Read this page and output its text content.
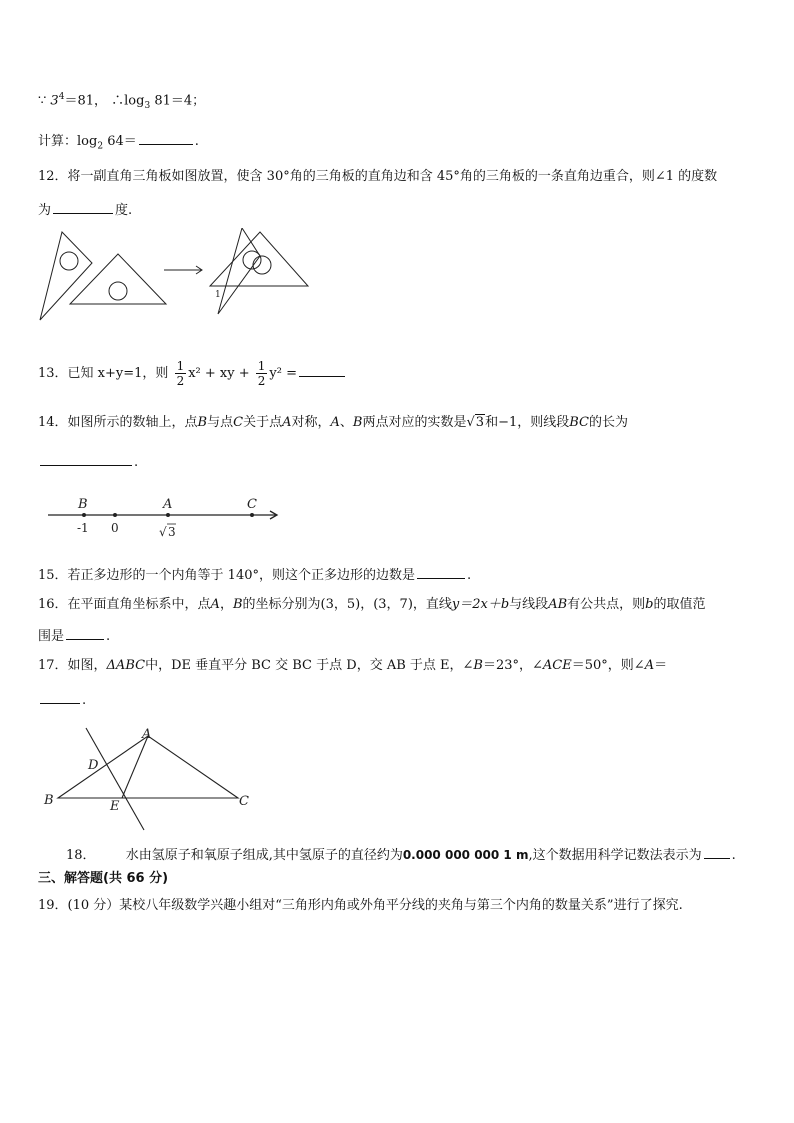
∵ $3^4=81$， $\therefore\log_3$ 81＝4；
计算：$\log_2 64=$	.
12．将一副直角三角板如图放置，使含 30°角的三角板的直角边和含 45°角的三角板的一条直角边重合，则∠1 的度数
为	度.
1
13．已知 x+y=1，则 $\frac{1}{2} x^2$ + xy + $\frac{1}{2} y^2$ =
14．如图所示的数轴上，点B与点C关于点A对称，A、B两点对应的实数是√3和−1，则线段BC的长为
.
B	A	C
-1 0	√ 3
15．若正多边形的一个内角等于 140°，则这个正多边形的边数是	.
16．在平面直角坐标系中，点A，B的坐标分别为(3，5)，(3，7)，直线y＝2x＋b与线段AB有公共点，则b的取值范
围是	.
17．如图，ΔABC中，DE 垂直平分 BC 交 BC 于点 D，交 AB 于点 E，∠B＝23°，∠ACE＝50°，则∠A＝
.
A
B	C
D
E
18． 水由氢原子和氧原子组成,其中氢原子的直径约为0.000 000 000 1 m,这个数据用科学记数法表示为 .
三、解答题(共 66 分)
19．(10 分）某校八年级数学兴趣小组对“三角形内角或外角平分线的夹角与第三个内角的数量关系”进行了探究.
